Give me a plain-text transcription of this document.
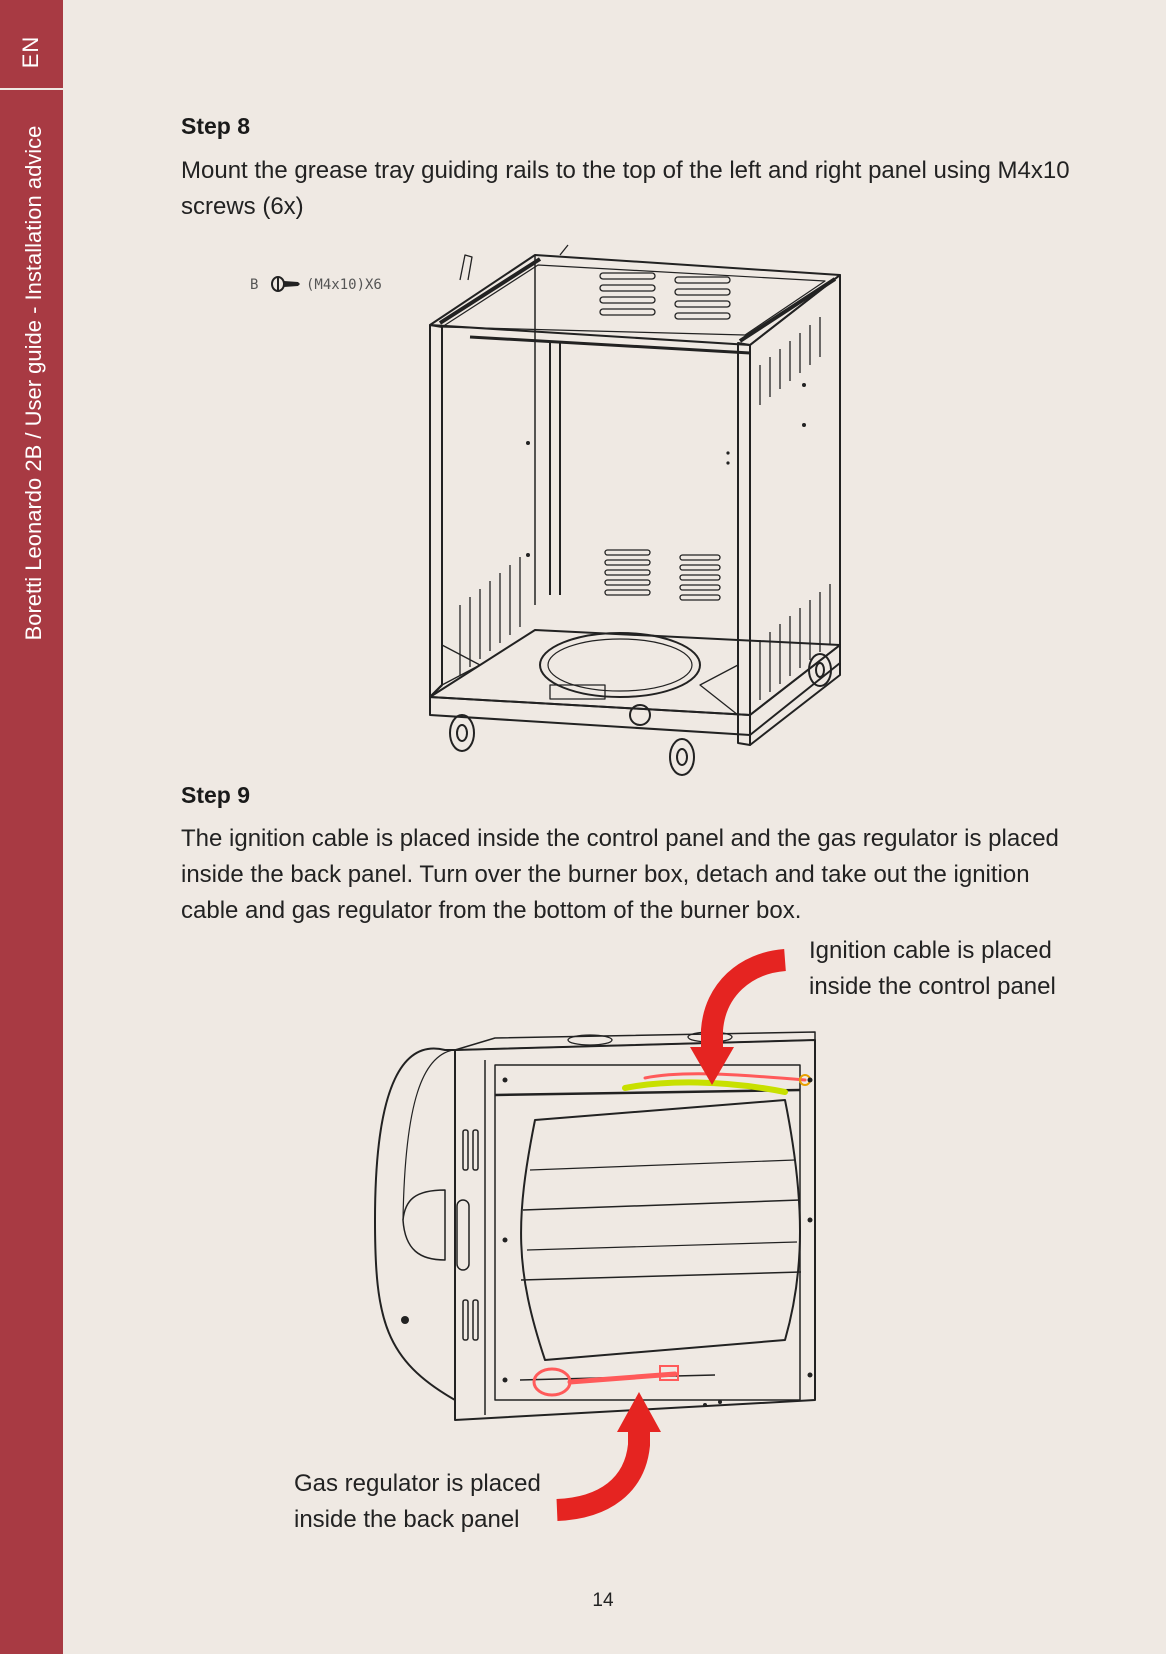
EN
Boretti Leonardo 2B / User guide - Installation advice	Step 8

Mount the grease tray guiding rails to the top of the left and right panel using M4x10 screws (6x)

B	(M4x10)X6
Step 9

The ignition cable is placed inside the control panel and the gas regulator is placed inside the back panel. Turn over the burner box, detach and take out the ignition cable and gas regulator from the bottom of the burner box.

Ignition cable is placed inside the control panel

Gas regulator is placed inside the back panel

14
